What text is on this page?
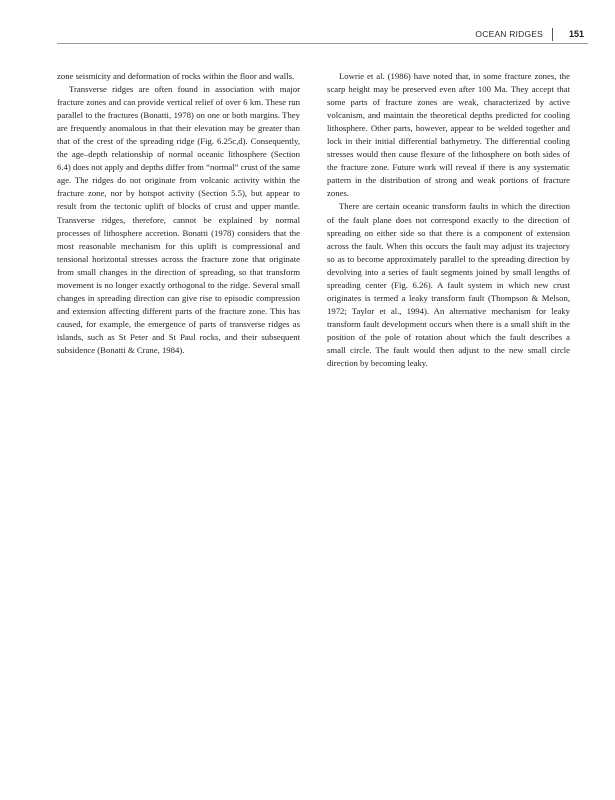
OCEAN RIDGES	151

zone seismicity and deformation of rocks within the floor and walls.

Transverse ridges are often found in association with major fracture zones and can provide vertical relief of over 6 km. These run parallel to the fractures (Bonatti, 1978) on one or both margins. They are frequently anomalous in that their elevation may be greater than that of the crest of the spreading ridge (Fig. 6.25c,d). Consequently, the age–depth relationship of normal oceanic lithosphere (Section 6.4) does not apply and depths differ from “normal” crust of the same age. The ridges do not originate from volcanic activity within the fracture zone, nor by hotspot activity (Section 5.5), but appear to result from the tectonic uplift of blocks of crust and upper mantle. Transverse ridges, therefore, cannot be explained by normal processes of lithosphere accretion. Bonatti (1978) considers that the most reasonable mechanism for this uplift is compressional and tensional horizontal stresses across the fracture zone that originate from small changes in the direction of spreading, so that transform movement is no longer exactly orthogonal to the ridge. Several small changes in spreading direction can give rise to episodic compression and extension affecting different parts of the fracture zone. This has caused, for example, the emergence of parts of transverse ridges as islands, such as St Peter and St Paul rocks, and their subsequent subsidence (Bonatti & Crane, 1984).

Lowrie et al. (1986) have noted that, in some fracture zones, the scarp height may be preserved even after 100 Ma. They accept that some parts of fracture zones are weak, characterized by active volcanism, and maintain the theoretical depths predicted for cooling lithosphere. Other parts, however, appear to be welded together and lock in their initial differential bathymetry. The differential cooling stresses would then cause flexure of the lithosphere on both sides of the fracture zone. Future work will reveal if there is any systematic pattern in the distribution of strong and weak portions of fracture zones.

There are certain oceanic transform faults in which the direction of the fault plane does not correspond exactly to the direction of spreading on either side so that there is a component of extension across the fault. When this occurs the fault may adjust its trajectory so as to become approximately parallel to the spreading direction by devolving into a series of fault segments joined by small lengths of spreading center (Fig. 6.26). A fault system in which new crust originates is termed a leaky transform fault (Thompson & Melson, 1972; Taylor et al., 1994). An alternative mechanism for leaky transform fault development occurs when there is a small shift in the position of the pole of rotation about which the fault describes a small circle. The fault would then adjust to the new small circle direction by becoming leaky.
